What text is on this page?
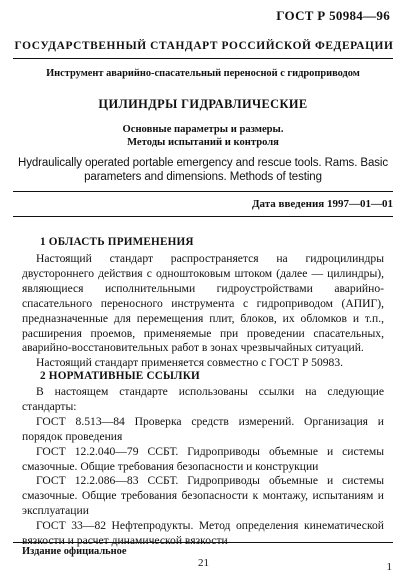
ГОСТ Р 50984—96
ГОСУДАРСТВЕННЫЙ СТАНДАРТ РОССИЙСКОЙ ФЕДЕРАЦИИ
Инструмент аварийно-спасательный переносной с гидроприводом
ЦИЛИНДРЫ ГИДРАВЛИЧЕСКИЕ
Основные параметры и размеры.
Методы испытаний и контроля
Hydraulically operated portable emergency and rescue tools. Rams. Basic
parameters and dimensions. Methods of testing
Дата введения 1997—01—01
1 ОБЛАСТЬ ПРИМЕНЕНИЯ

Настоящий стандарт распространяется на гидроцилиндры двустороннего действия с одноштоковым штоком (далее — цилиндры), являющиеся исполнительными гидроустройствами аварийно-спасательного переносного инструмента с гидроприводом (АПИГ), предназначенные для перемещения плит, блоков, их обломков и т.п., расширения проемов, применяемые при проведении спасательных, аварийно-восстановительных работ в зонах чрезвычайных ситуаций.

Настоящий стандарт применяется совместно с ГОСТ Р 50983.

2 НОРМАТИВНЫЕ ССЫЛКИ

В настоящем стандарте использованы ссылки на следующие стандарты:

ГОСТ 8.513—84 Проверка средств измерений. Организация и порядок проведения

ГОСТ 12.2.040—79 ССБТ. Гидроприводы объемные и системы смазочные. Общие требования безопасности и конструкции

ГОСТ 12.2.086—83 ССБТ. Гидроприводы объемные и системы смазочные. Общие требования безопасности к монтажу, испытаниям и эксплуатации

ГОСТ 33—82 Нефтепродукты. Метод определения кинематической вязкости и расчет динамической вязкости

Издание официальное
21	1
